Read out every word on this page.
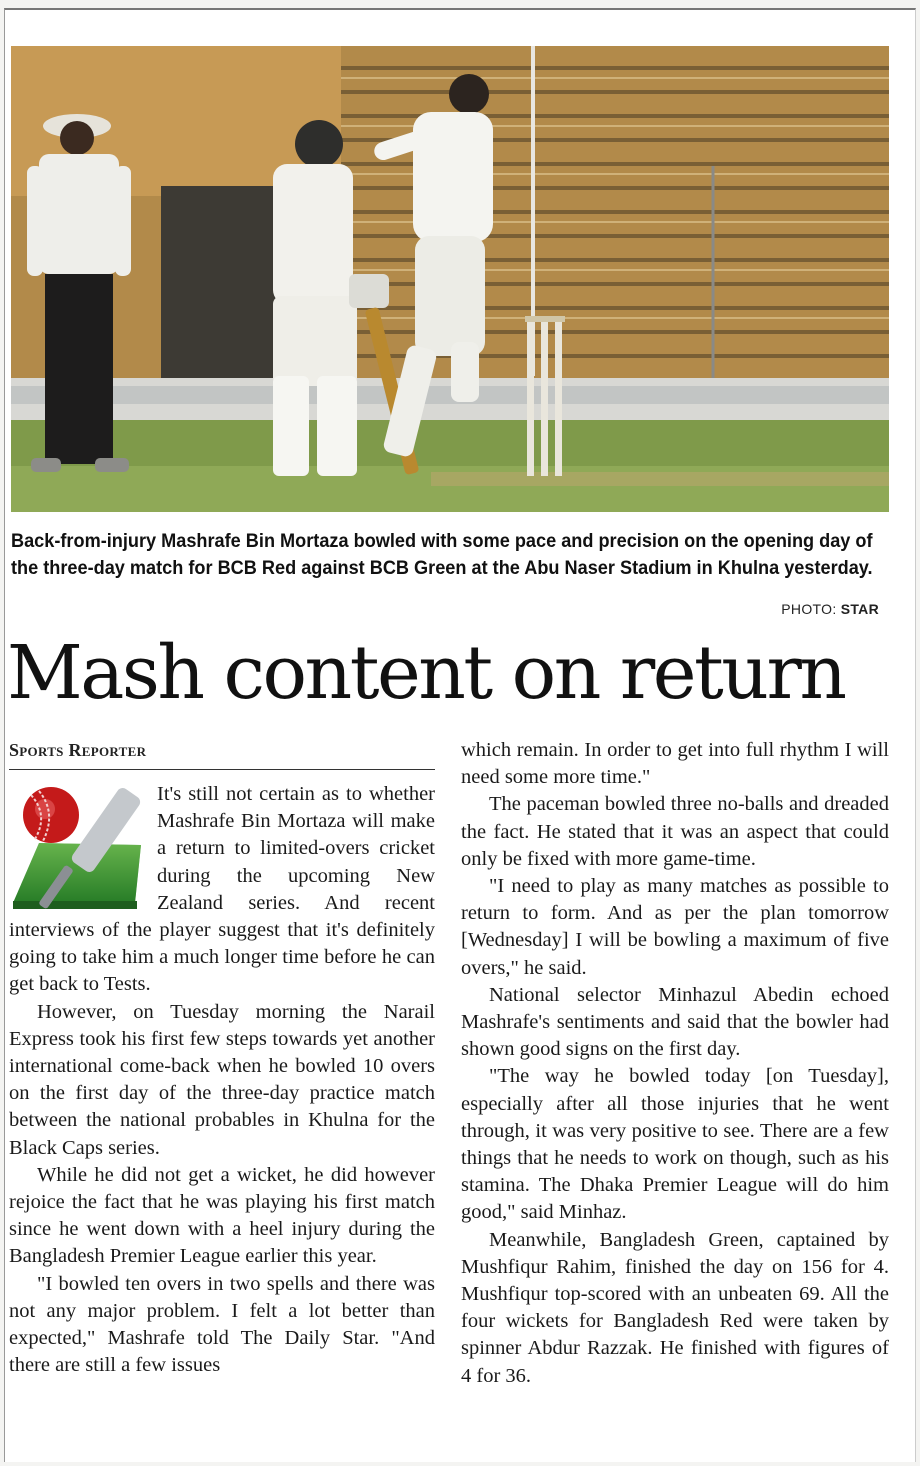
Back-from-injury Mashrafe Bin Mortaza bowled with some pace and precision on the opening day of the three-day match for BCB Red against BCB Green at the Abu Naser Stadium in Khulna yesterday.
PHOTO: STAR
Mash content on return
Sports Reporter

It's still not certain as to whether Mashrafe Bin Mortaza will make a return to limited-overs cricket during the upcoming New Zealand series. And recent interviews of the player suggest that it's definitely going to take him a much longer time before he can get back to Tests.

However, on Tuesday morning the Narail Express took his first few steps towards yet another international come-back when he bowled 10 overs on the first day of the three-day practice match between the national probables in Khulna for the Black Caps series.

While he did not get a wicket, he did however rejoice the fact that he was playing his first match since he went down with a heel injury during the Bangladesh Premier League earlier this year.

"I bowled ten overs in two spells and there was not any major problem. I felt a lot better than expected," Mashrafe told The Daily Star. "And there are still a few issues

which remain. In order to get into full rhythm I will need some more time."

The paceman bowled three no-balls and dreaded the fact. He stated that it was an aspect that could only be fixed with more game-time.

"I need to play as many matches as possible to return to form. And as per the plan tomorrow [Wednesday] I will be bowling a maximum of five overs," he said.

National selector Minhazul Abedin echoed Mashrafe's sentiments and said that the bowler had shown good signs on the first day.

"The way he bowled today [on Tuesday], especially after all those injuries that he went through, it was very positive to see. There are a few things that he needs to work on though, such as his stamina. The Dhaka Premier League will do him good," said Minhaz.

Meanwhile, Bangladesh Green, captained by Mushfiqur Rahim, finished the day on 156 for 4. Mushfiqur top-scored with an unbeaten 69. All the four wickets for Bangladesh Red were taken by spinner Abdur Razzak. He finished with figures of 4 for 36.
